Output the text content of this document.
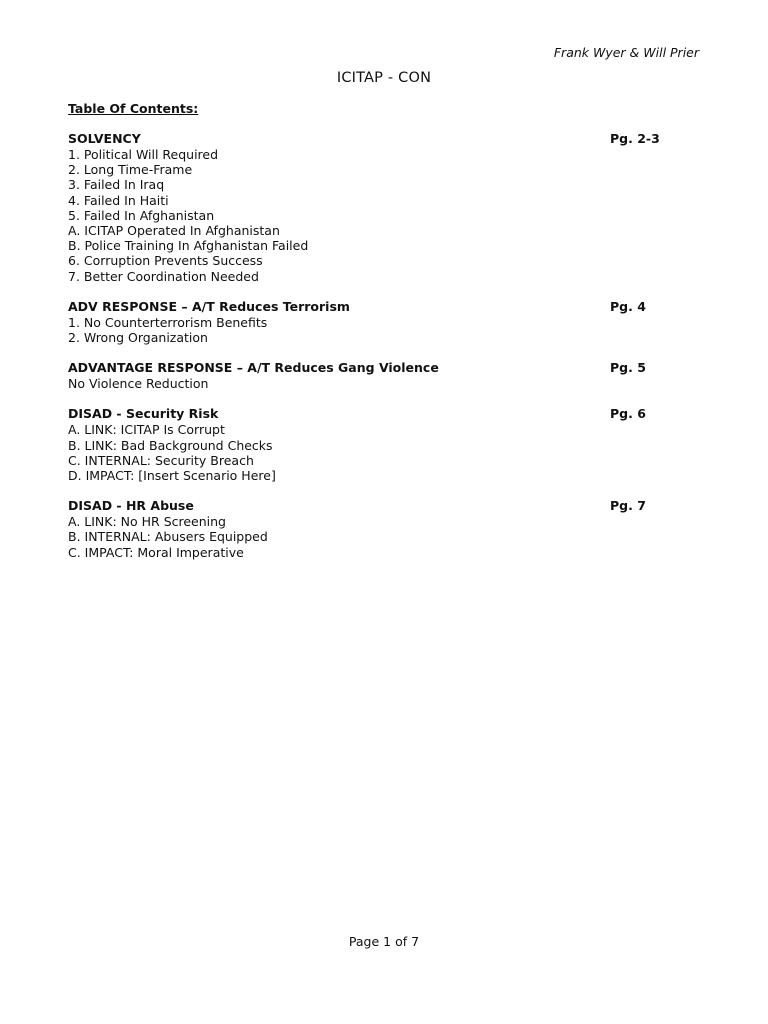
Frank Wyer & Will Prier
ICITAP - CON
Table Of Contents:
SOLVENCY	Pg. 2-3
1. Political Will Required
2. Long Time-Frame
3. Failed In Iraq
4. Failed In Haiti
5. Failed In Afghanistan
A. ICITAP Operated In Afghanistan
B. Police Training In Afghanistan Failed
6. Corruption Prevents Success
7. Better Coordination Needed
ADV RESPONSE – A/T Reduces Terrorism	Pg. 4
1. No Counterterrorism Benefits
2. Wrong Organization
ADVANTAGE RESPONSE – A/T Reduces Gang Violence	Pg. 5
No Violence Reduction
DISAD - Security Risk	Pg. 6
A. LINK: ICITAP Is Corrupt
B. LINK: Bad Background Checks
C. INTERNAL: Security Breach
D. IMPACT: [Insert Scenario Here]
DISAD - HR Abuse	Pg. 7
A. LINK: No HR Screening
B. INTERNAL: Abusers Equipped
C. IMPACT: Moral Imperative
Page 1 of 7
